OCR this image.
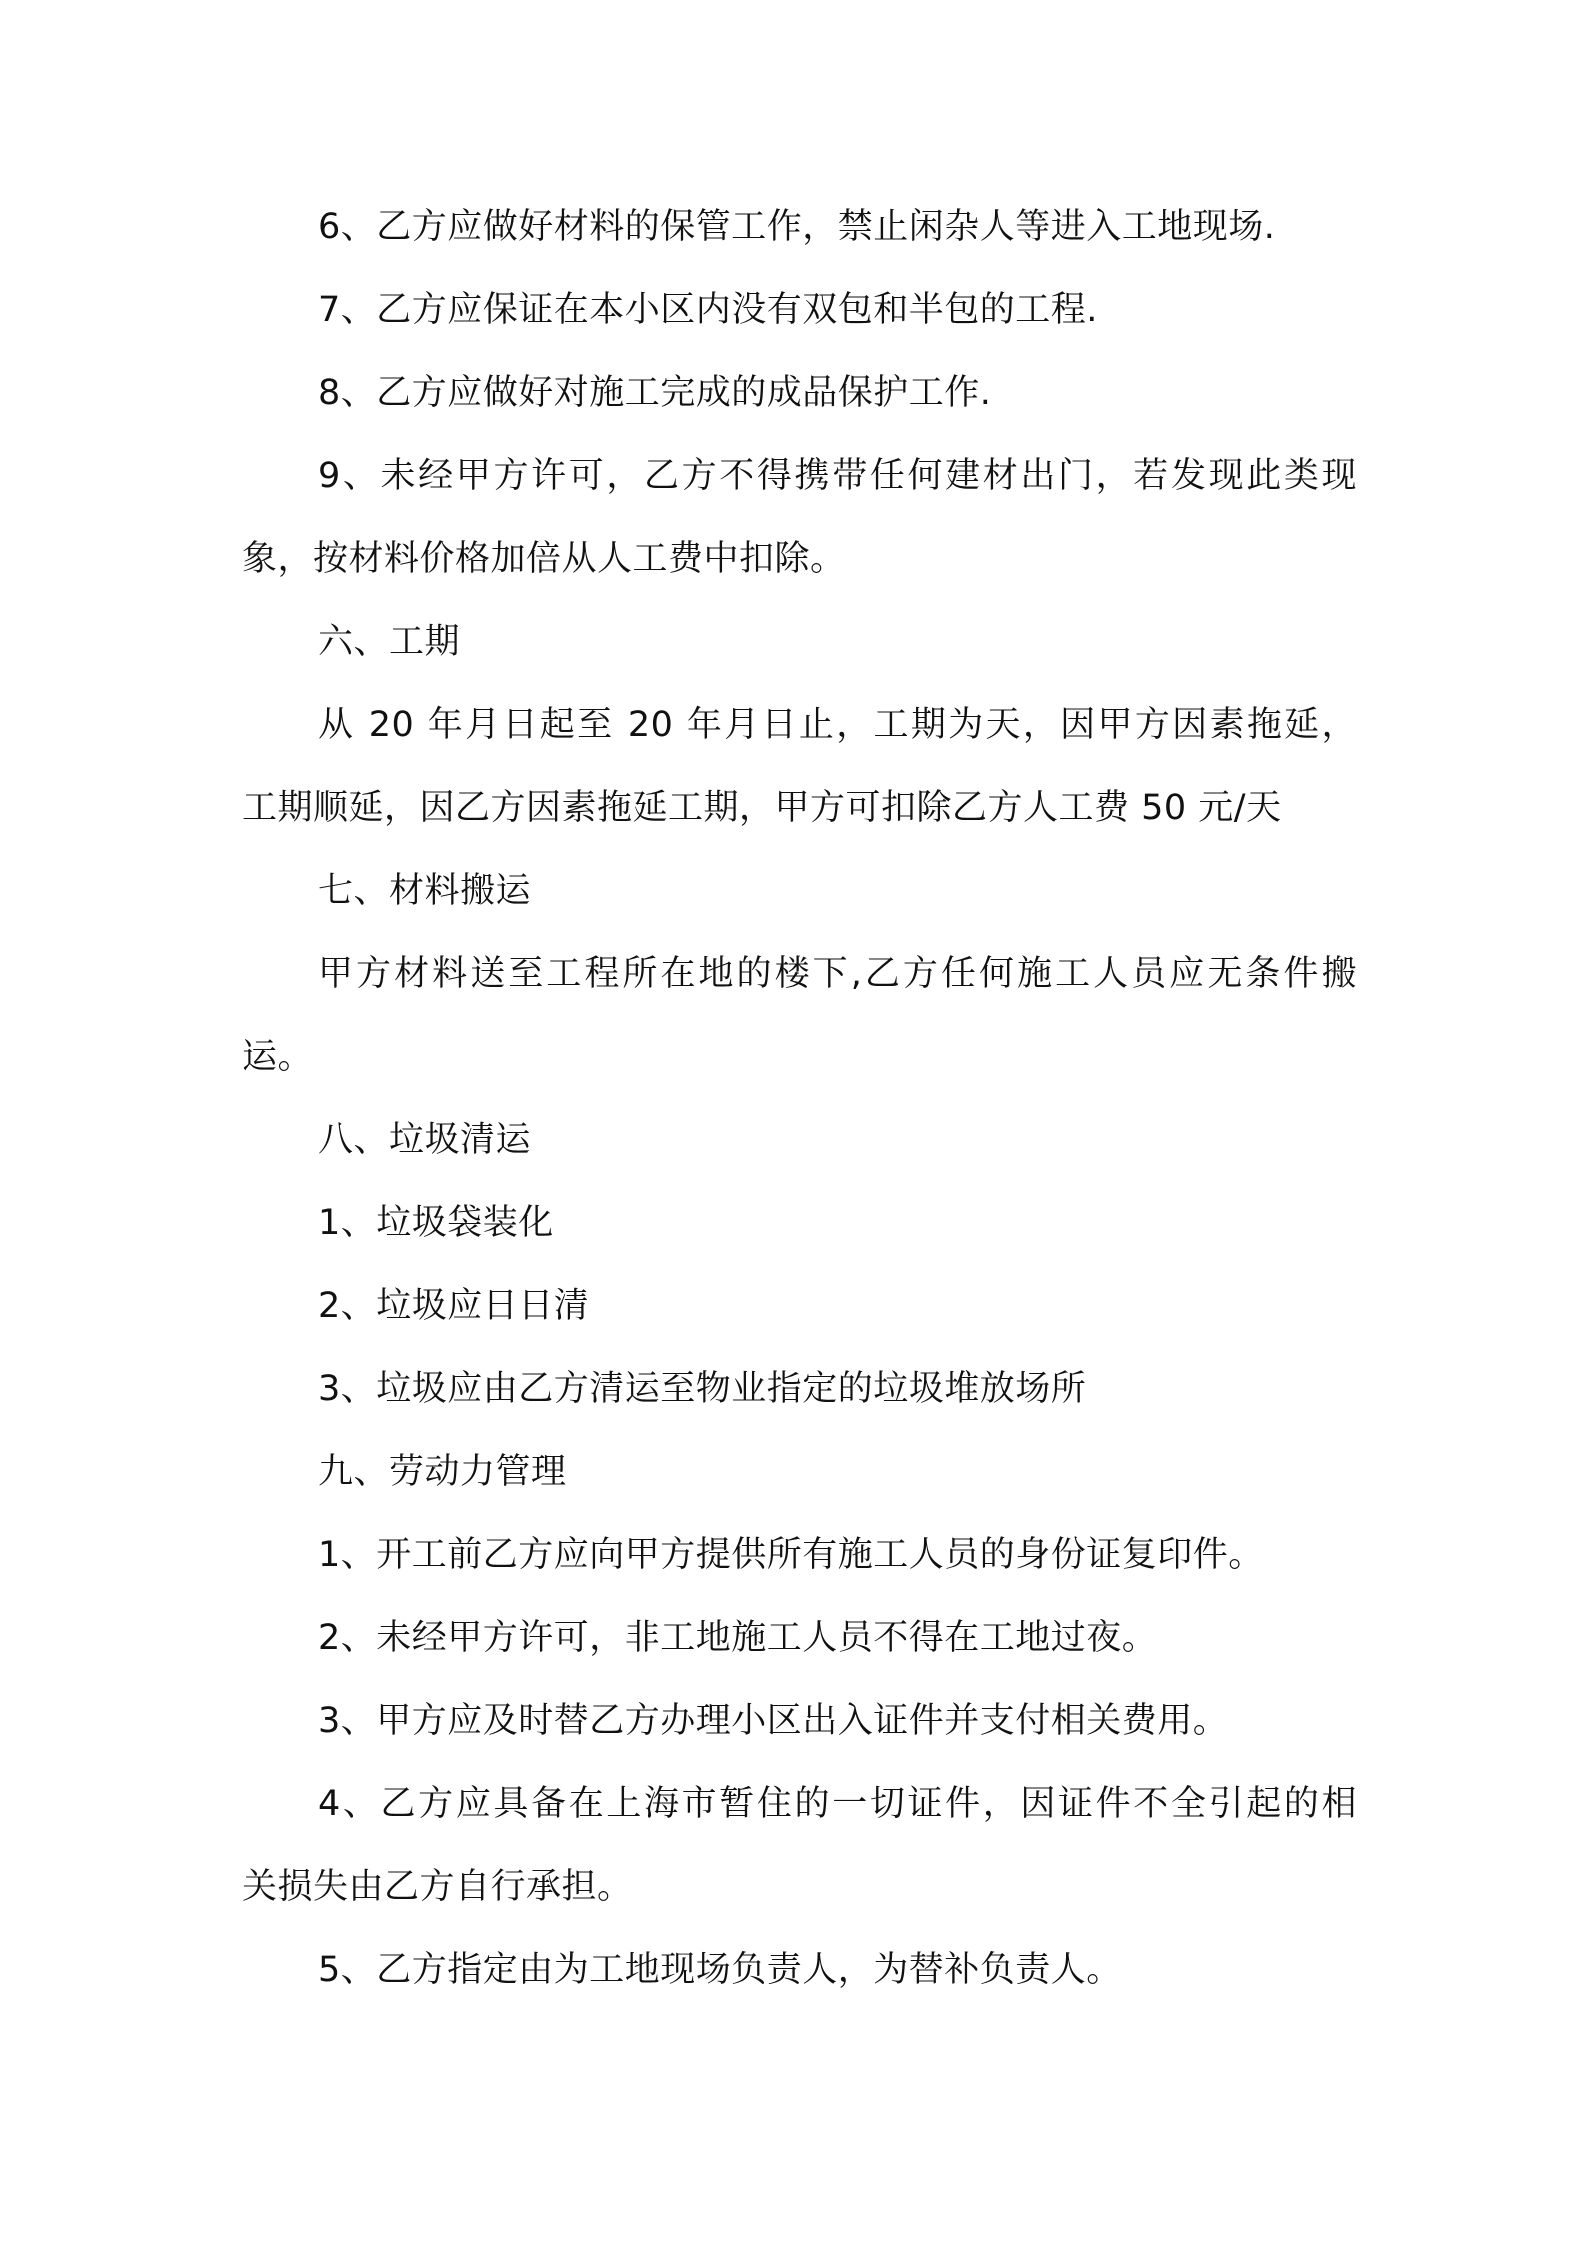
6、乙方应做好材料的保管工作，禁止闲杂人等进入工地现场.
7、乙方应保证在本小区内没有双包和半包的工程.
8、乙方应做好对施工完成的成品保护工作.
9、未经甲方许可，乙方不得携带任何建材出门，若发现此类现
象，按材料价格加倍从人工费中扣除。
六、工期
从 20 年月日起至 20 年月日止，工期为天，因甲方因素拖延，
工期顺延，因乙方因素拖延工期，甲方可扣除乙方人工费 50 元/天
七、材料搬运
甲方材料送至工程所在地的楼下,乙方任何施工人员应无条件搬
运。
八、垃圾清运
1、垃圾袋装化
2、垃圾应日日清
3、垃圾应由乙方清运至物业指定的垃圾堆放场所
九、劳动力管理
1、开工前乙方应向甲方提供所有施工人员的身份证复印件。
2、未经甲方许可，非工地施工人员不得在工地过夜。
3、甲方应及时替乙方办理小区出入证件并支付相关费用。
4、乙方应具备在上海市暂住的一切证件，因证件不全引起的相
关损失由乙方自行承担。
5、乙方指定由为工地现场负责人，为替补负责人。
